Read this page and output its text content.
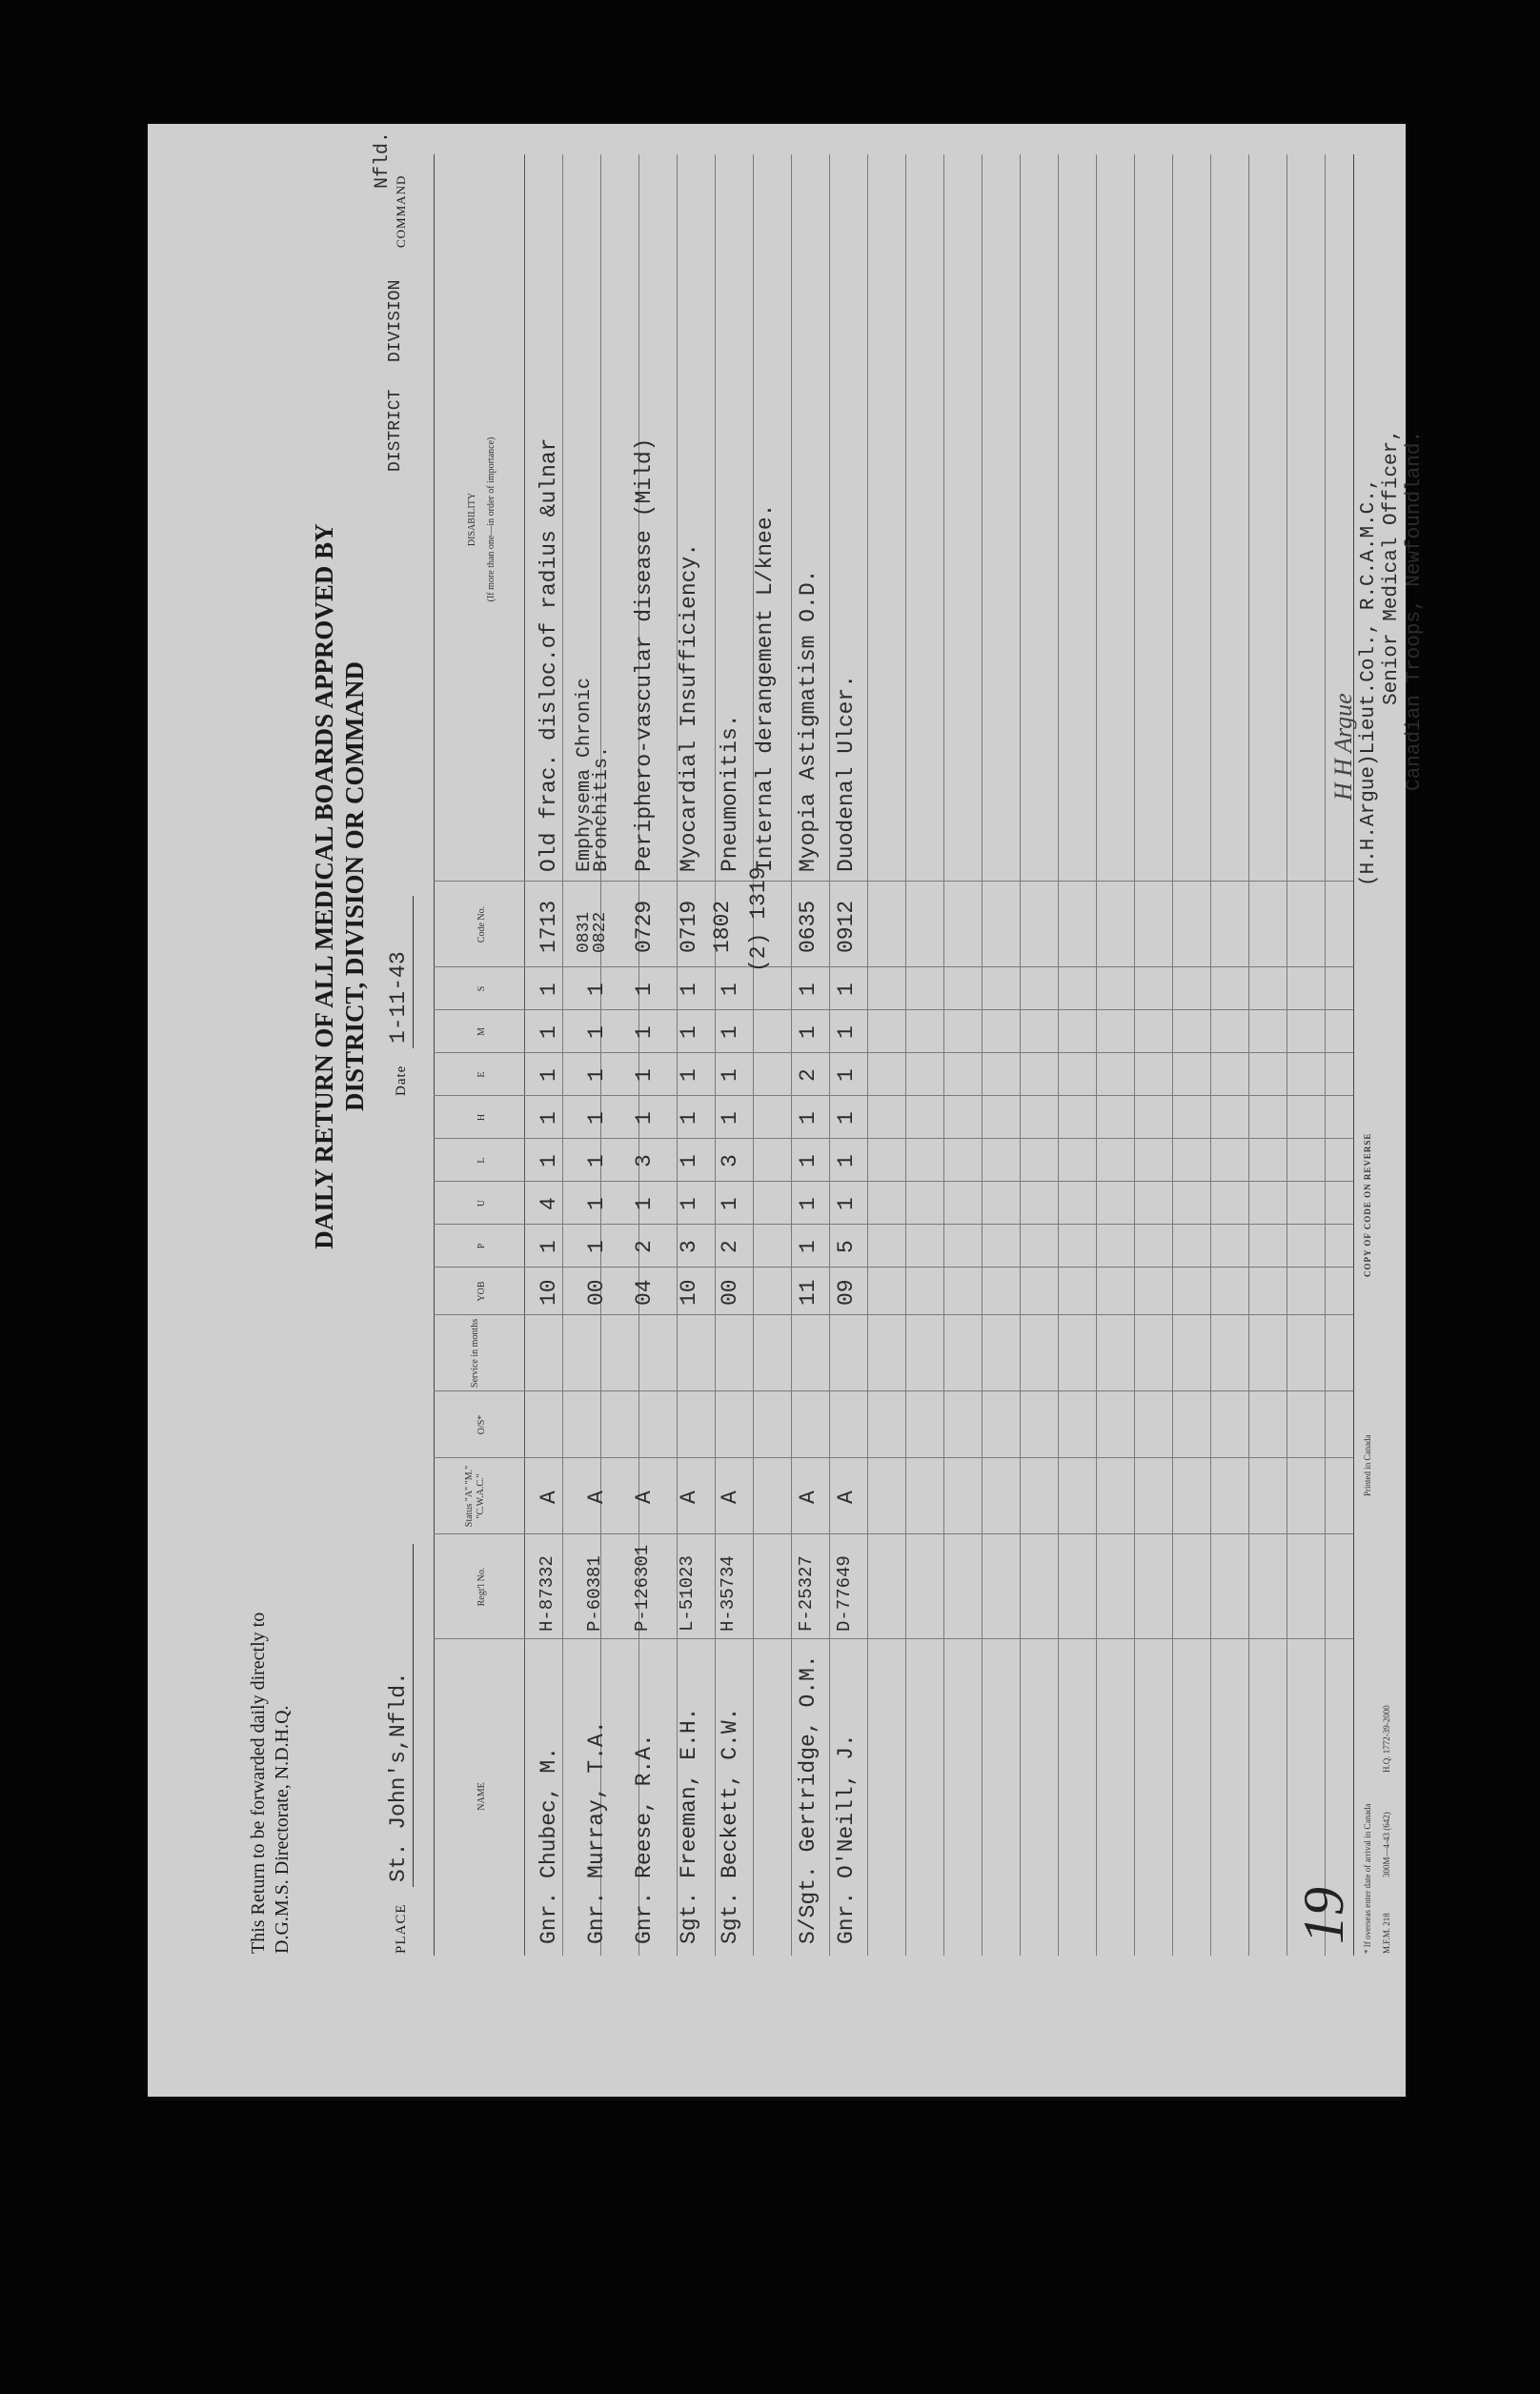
This Return to be forwarded daily directly to D.G.M.S. Directorate, N.D.H.Q.
DAILY RETURN OF ALL MEDICAL BOARDS APPROVED BY DISTRICT, DIVISION OR COMMAND
PLACE
St. John's,Nfld.
Date
1-11-43
DISTRICT
DIVISION
COMMAND
Nfld.
NAME
Regt'l No.
Status "A" "M." "C.W.A.C."
O/S*
Service in months
YOB
P
U
L
H
E
M
S
Code No.
DISABILITY (If more than one—in order of importance)
Gnr. Chubec, M.
H-87332
A
10
1
4
1
1
1
1
1
1713
Old frac. disloc.of radius &ulnar
Gnr. Murray, T.A.
P-60381
A
00
1
1
1
1
1
1
1
0831 0822
Emphysema Chronic Bronchitis.
Gnr. Reese, R.A.
P-126301
A
04
2
1
3
1
1
1
1
0729
Periphero-vascular disease (Mild)
Sgt. Freeman, E.H.
L-51023
A
10
3
1
1
1
1
1
1
0719
Myocardial Insufficiency.
Sgt. Beckett, C.W.
H-35734
A
00
2
1
3
1
1
1
1
1802
Pneumonitis.
(2) 1319
Internal derangement L/knee.
S/Sgt. Gertridge, O.M.
F-25327
A
11
1
1
1
1
2
1
1
0635
Myopia Astigmatism O.D.
Gnr. O'Neill, J.
D-77649
A
09
5
1
1
1
1
1
1
0912
Duodenal Ulcer.
* If overseas enter date of arrival in Canada M.F.M. 218
300M—4-43 (642)
H.Q. 1772-39-2000
Printed in Canada
COPY OF CODE ON REVERSE
19
H H Argue (H.H.Argue)Lieut.Col., R.C.A.M.C., Senior Medical Officer, Canadian Troops, Newfoundland.
